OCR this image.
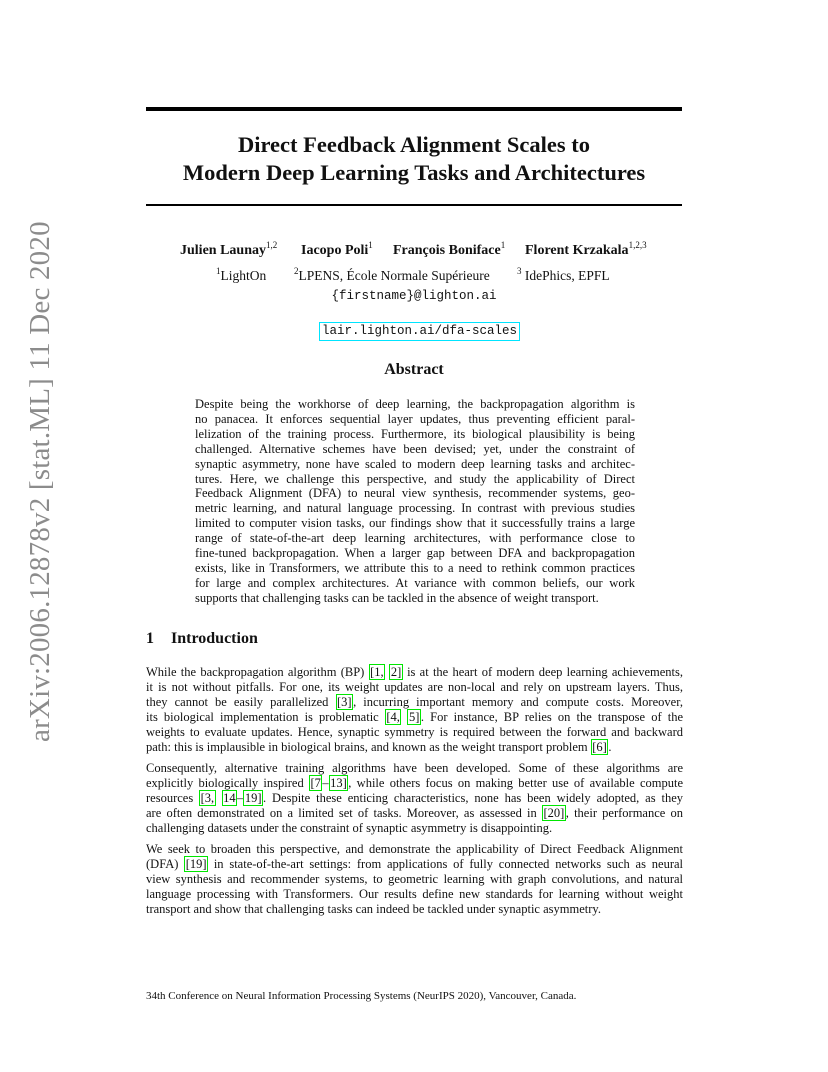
arXiv:2006.12878v2 [stat.ML] 11 Dec 2020
Direct Feedback Alignment Scales to
Modern Deep Learning Tasks and Architectures
Julien Launay$^{1,2}$ Iacopo Poli$^1$ François Boniface$^1$ Florent Krzakala$^{1,2,3}$
$^1$LightOn	$^2$LPENS, École Normale Supérieure	$^3$ IdePhics, EPFL
{firstname}@lighton.ai
lair.lighton.ai/dfa-scales
Abstract
Despite being the workhorse of deep learning, the backpropagation algorithm is
no panacea. It enforces sequential layer updates, thus preventing efficient paral-
lelization of the training process. Furthermore, its biological plausibility is being
challenged. Alternative schemes have been devised; yet, under the constraint of
synaptic asymmetry, none have scaled to modern deep learning tasks and architec-
tures. Here, we challenge this perspective, and study the applicability of Direct
Feedback Alignment (DFA) to neural view synthesis, recommender systems, geo-
metric learning, and natural language processing. In contrast with previous studies
limited to computer vision tasks, our findings show that it successfully trains a large
range of state-of-the-art deep learning architectures, with performance close to
fine-tuned backpropagation. When a larger gap between DFA and backpropagation
exists, like in Transformers, we attribute this to a need to rethink common practices
for large and complex architectures. At variance with common beliefs, our work
supports that challenging tasks can be tackled in the absence of weight transport.
1 Introduction
While the backpropagation algorithm (BP) [1, 2] is at the heart of modern deep learning achievements,
it is not without pitfalls. For one, its weight updates are non-local and rely on upstream layers. Thus,
they cannot be easily parallelized [3] , incurring important memory and compute costs. Moreover,
its biological implementation is problematic [4, 5] . For instance, BP relies on the transpose of the
weights to evaluate updates. Hence, synaptic symmetry is required between the forward and backward
path: this is implausible in biological brains, and known as the weight transport problem [6] .
Consequently, alternative training algorithms have been developed. Some of these algorithms are
explicitly biologically inspired [7 – 13] , while others focus on making better use of available compute
resources [3, 14 – 19] . Despite these enticing characteristics, none has been widely adopted, as they
are often demonstrated on a limited set of tasks. Moreover, as assessed in [20] , their performance on
challenging datasets under the constraint of synaptic asymmetry is disappointing.
We seek to broaden this perspective, and demonstrate the applicability of Direct Feedback Alignment
(DFA) [19] in state-of-the-art settings: from applications of fully connected networks such as neural
view synthesis and recommender systems, to geometric learning with graph convolutions, and natural
language processing with Transformers. Our results define new standards for learning without weight
transport and show that challenging tasks can indeed be tackled under synaptic asymmetry.
34th Conference on Neural Information Processing Systems (NeurIPS 2020), Vancouver, Canada.
